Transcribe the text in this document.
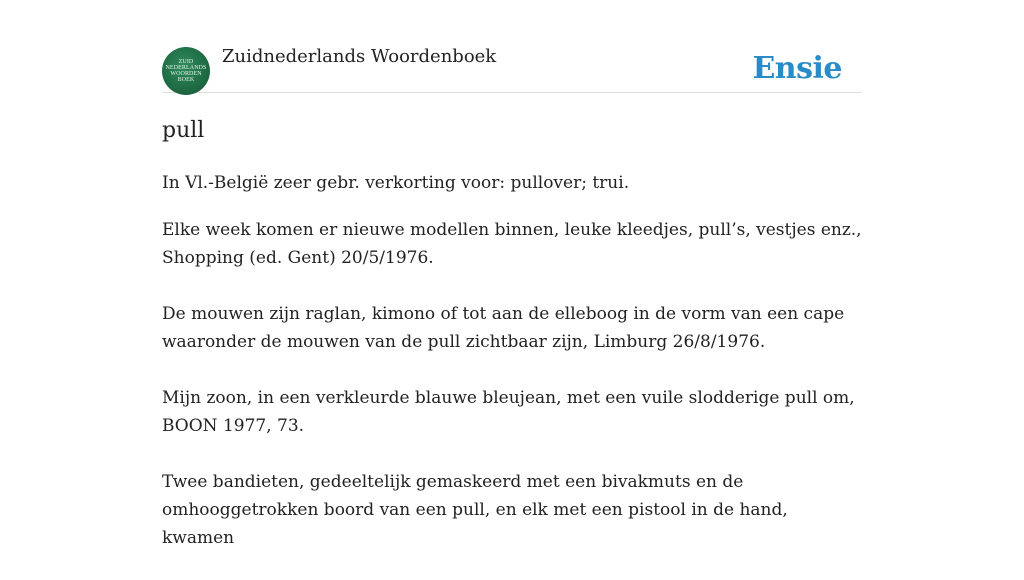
ZUID
NEDERLANDS
WOORDEN
BOEK
Zuidnederlands Woordenboek	Ensie
pull

In Vl.-België zeer gebr. verkorting voor: pullover; trui.

Elke week komen er nieuwe modellen binnen, leuke kleedjes, pull’s, vestjes enz., Shopping (ed. Gent) 20/5/1976.

De mouwen zijn raglan, kimono of tot aan de elleboog in de vorm van een cape waaronder de mouwen van de pull zichtbaar zijn, Limburg 26/8/1976.

Mijn zoon, in een verkleurde blauwe bleujean, met een vuile slodderige pull om, BOON 1977, 73.

Twee bandieten, gedeeltelijk gemaskeerd met een bivakmuts en de omhooggetrokken boord van een pull, en elk met een pistool in de hand, kwamen
